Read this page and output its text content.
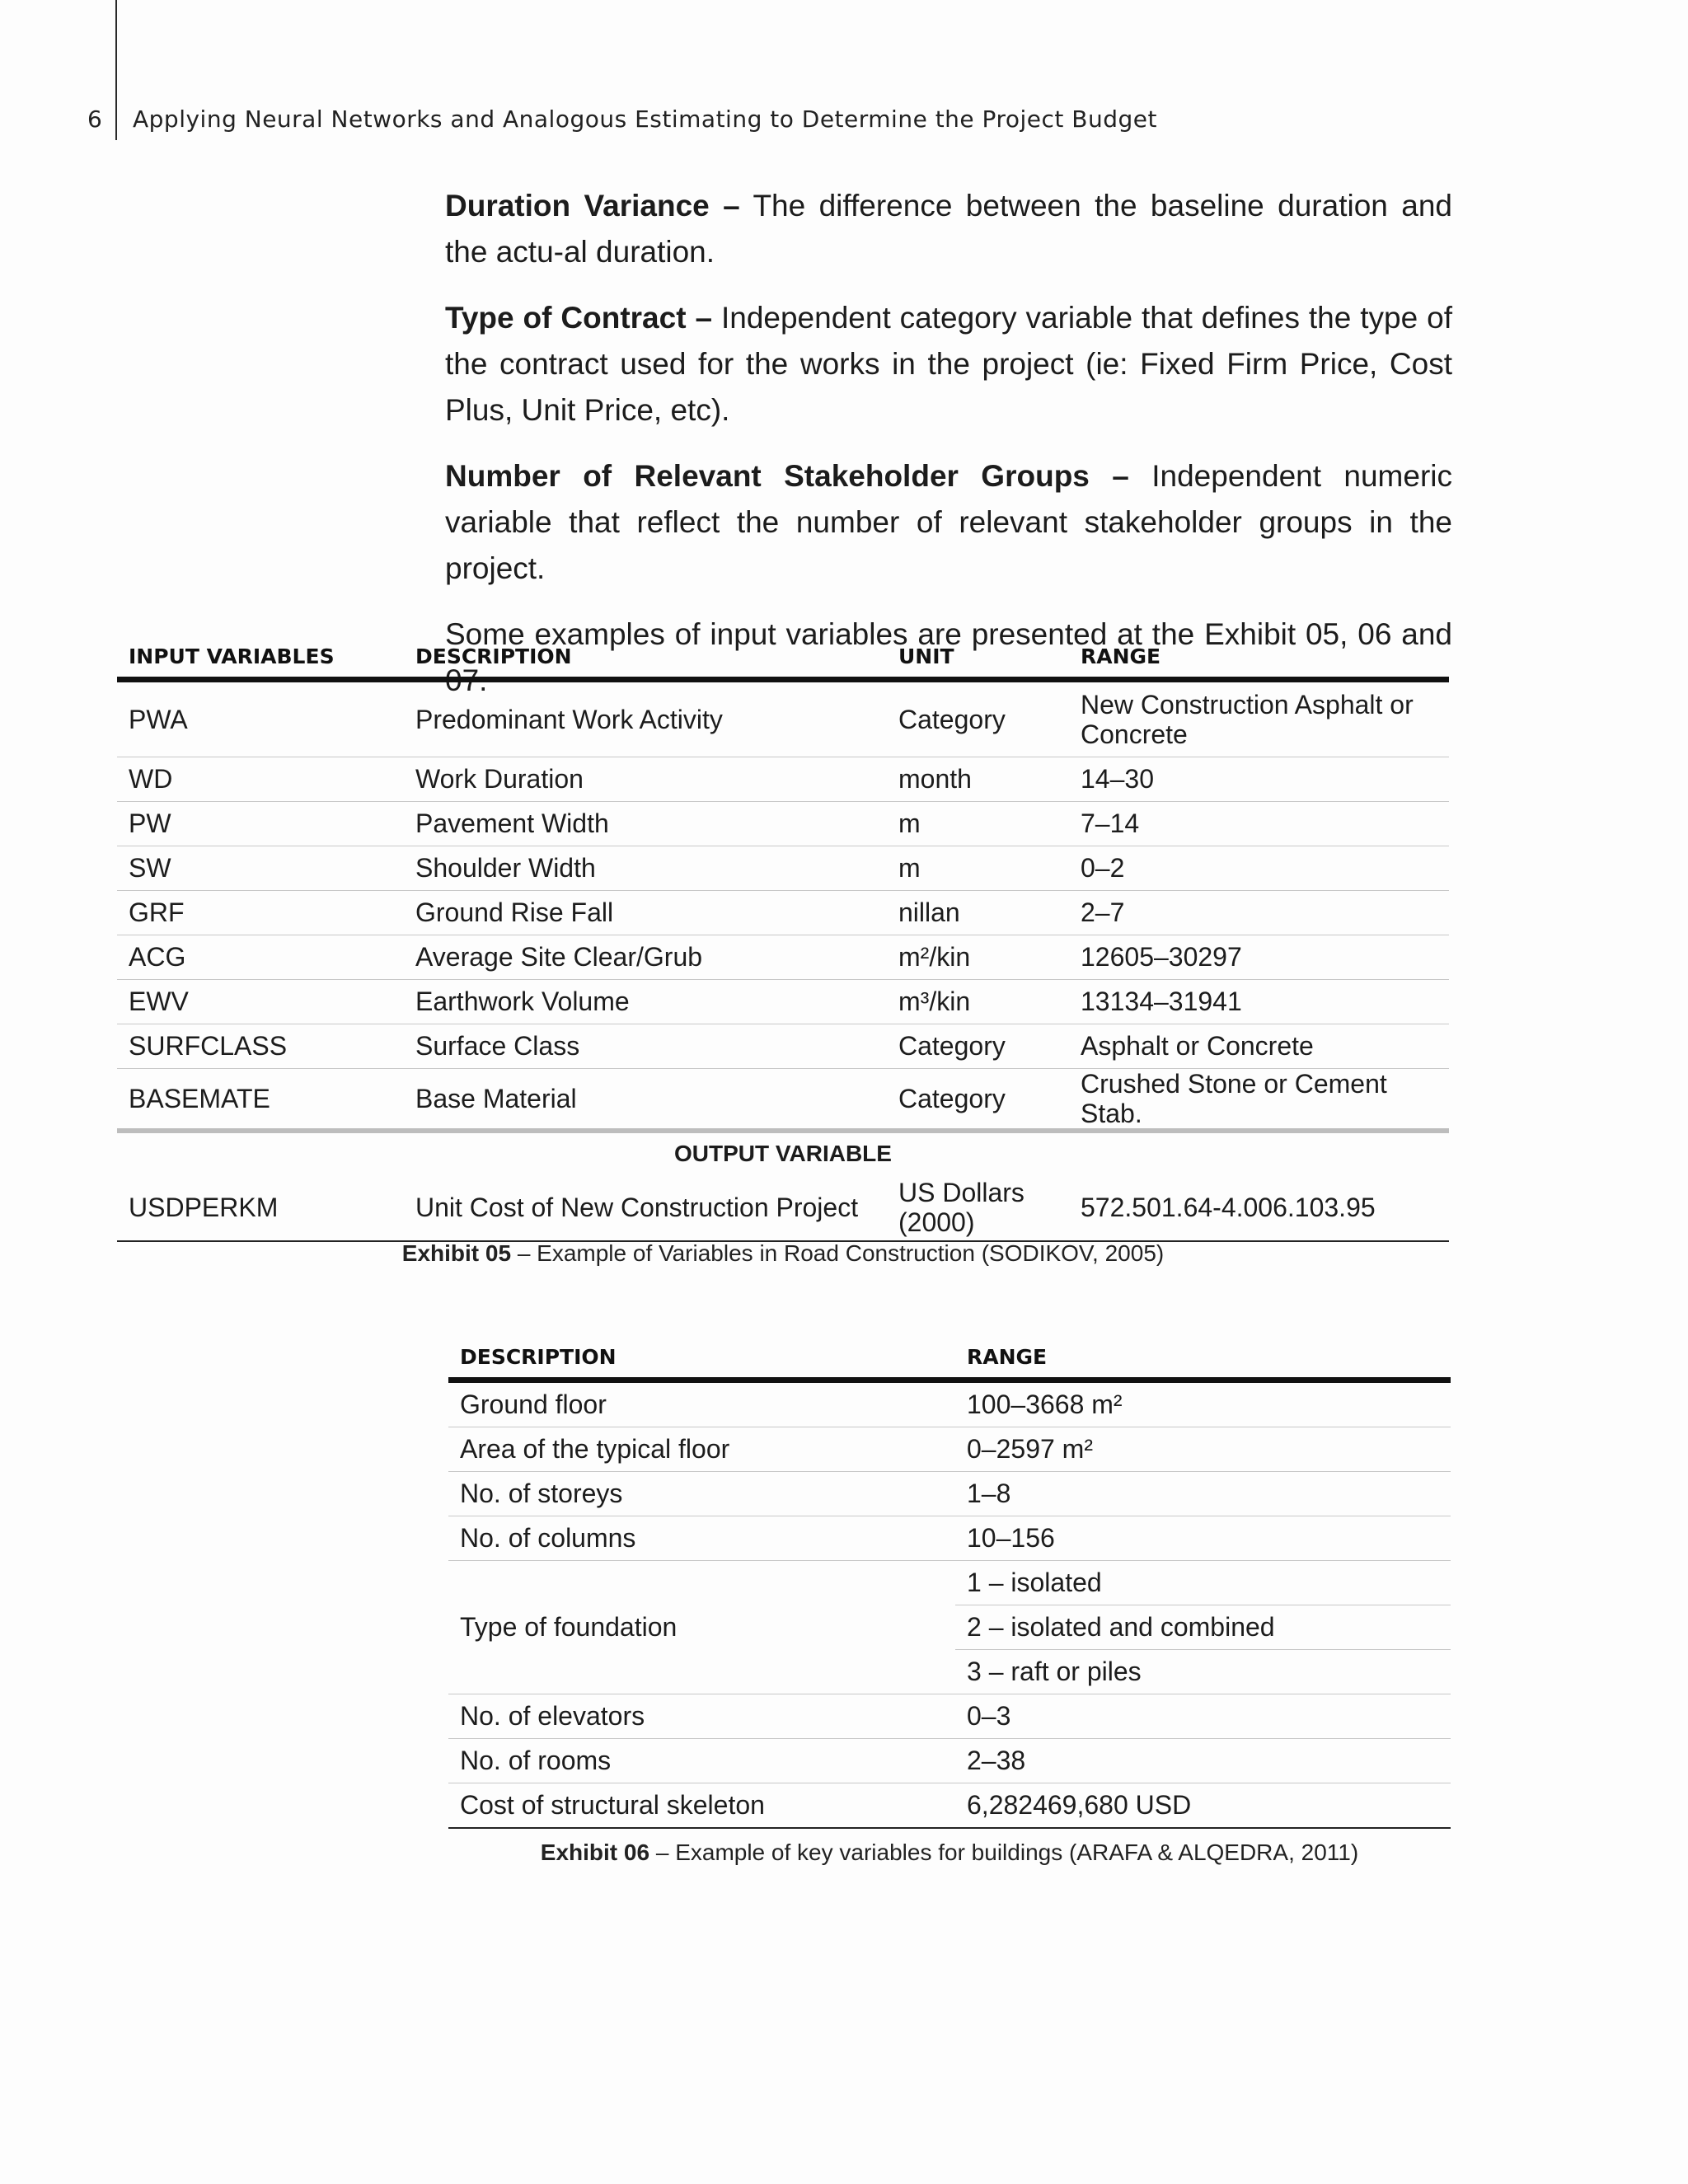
6 Applying Neural Networks and Analogous Estimating to Determine the Project Budget

Duration Variance – The difference between the baseline duration and the actu-al duration.

Type of Contract – Independent category variable that defines the type of the contract used for the works in the project (ie: Fixed Firm Price, Cost Plus, Unit Price, etc).

Number of Relevant Stakeholder Groups – Independent numeric variable that reflect the number of relevant stakeholder groups in the project.

Some examples of input variables are presented at the Exhibit 05, 06 and 07.

INPUT VARIABLES	DESCRIPTION	UNIT	RANGE
PWA	Predominant Work Activity	Category	New Construction Asphalt or Concrete
WD	Work Duration	month	14–30
PW	Pavement Width	m	7–14
SW	Shoulder Width	m	0–2
GRF	Ground Rise Fall	nillan	2–7
ACG	Average Site Clear/Grub	m²/kin	12605–30297
EWV	Earthwork Volume	m³/kin	13134–31941
SURFCLASS	Surface Class	Category	Asphalt or Concrete
BASEMATE	Base Material	Category	Crushed Stone or Cement Stab.
OUTPUT VARIABLE			
USDPERKM	Unit Cost of New Construction Project	US Dollars (2000)	572.501.64-4.006.103.95
Exhibit 05 – Example of Variables in Road Construction (SODIKOV, 2005)
DESCRIPTION	RANGE
Ground floor	100–3668 m²
Area of the typical floor	0–2597 m²
No. of storeys	1–8
No. of columns	10–156
Type of foundation	1 – isolated
	2 – isolated and combined
	3 – raft or piles
No. of elevators	0–3
No. of rooms	2–38
Cost of structural skeleton	6,282469,680 USD
Exhibit 06 – Example of key variables for buildings (ARAFA & ALQEDRA, 2011)
